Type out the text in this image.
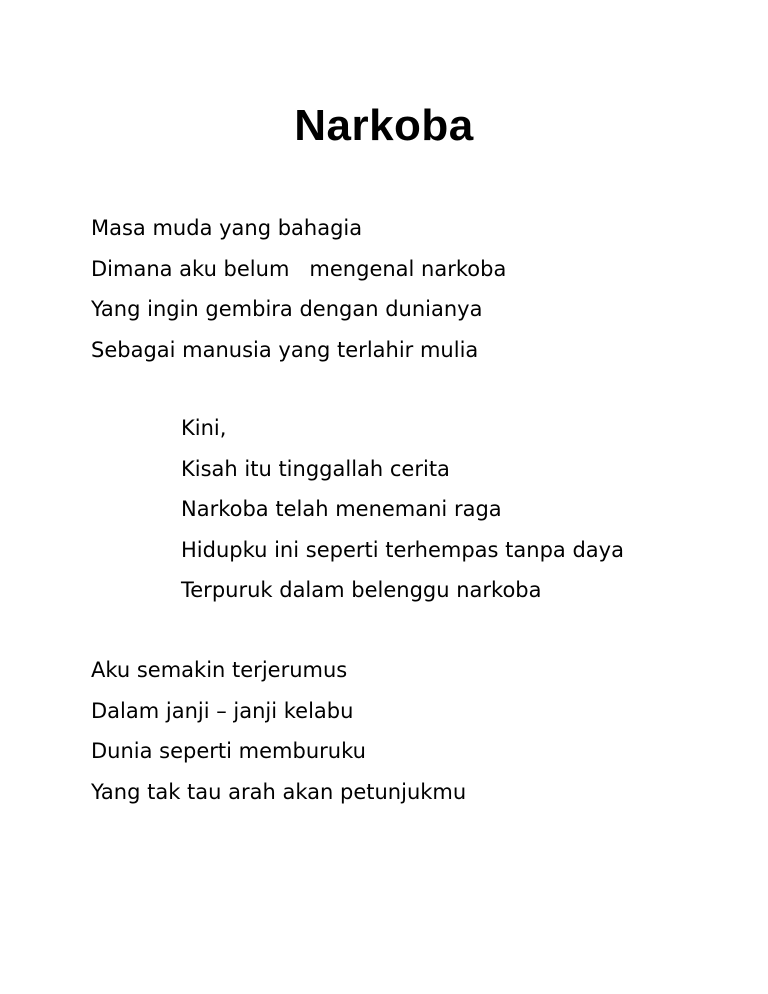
Narkoba
Masa muda yang bahagia
Dimana aku belum   mengenal narkoba
Yang ingin gembira dengan dunianya
Sebagai manusia yang terlahir mulia
Kini,
Kisah itu tinggallah cerita
Narkoba telah menemani raga
Hidupku ini seperti terhempas tanpa daya
Terpuruk dalam belenggu narkoba
Aku semakin terjerumus
Dalam janji – janji kelabu
Dunia seperti memburuku
Yang tak tau arah akan petunjukmu
